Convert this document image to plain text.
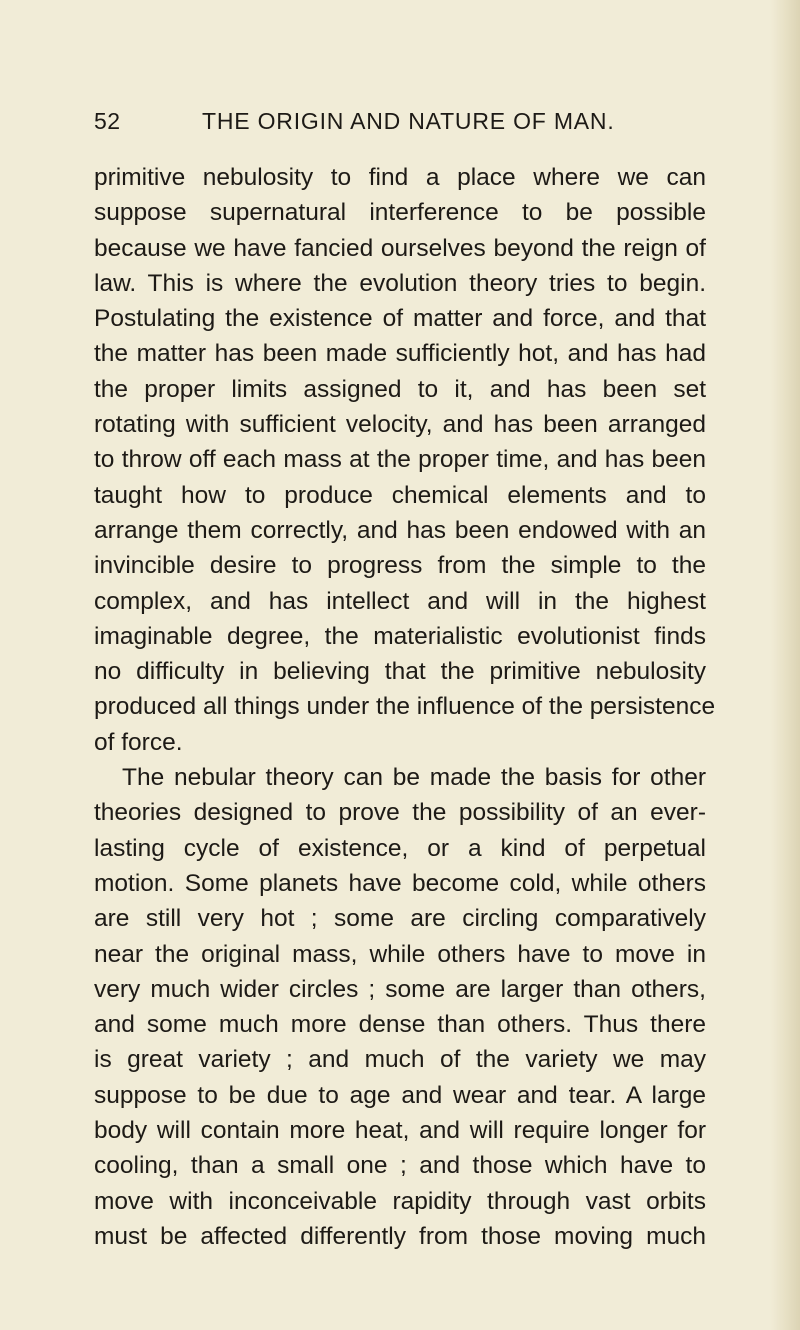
52	THE ORIGIN AND NATURE OF MAN.
primitive nebulosity to find a place where we can
suppose supernatural interference to be possible
because we have fancied ourselves beyond the reign of
law. This is where the evolution theory tries to begin.
Postulating the existence of matter and force, and that
the matter has been made sufficiently hot, and has had
the proper limits assigned to it, and has been set
rotating with sufficient velocity, and has been arranged
to throw off each mass at the proper time, and has been
taught how to produce chemical elements and to
arrange them correctly, and has been endowed with an
invincible desire to progress from the simple to the
complex, and has intellect and will in the highest
imaginable degree, the materialistic evolutionist finds
no difficulty in believing that the primitive nebulosity
produced all things under the influence of the persistence
of force.
The nebular theory can be made the basis for other
theories designed to prove the possibility of an ever-
lasting cycle of existence, or a kind of perpetual
motion. Some planets have become cold, while others
are still very hot ; some are circling comparatively
near the original mass, while others have to move in
very much wider circles ; some are larger than others,
and some much more dense than others. Thus there
is great variety ; and much of the variety we may
suppose to be due to age and wear and tear. A large
body will contain more heat, and will require longer for
cooling, than a small one ; and those which have to
move with inconceivable rapidity through vast orbits
must be affected differently from those moving much
